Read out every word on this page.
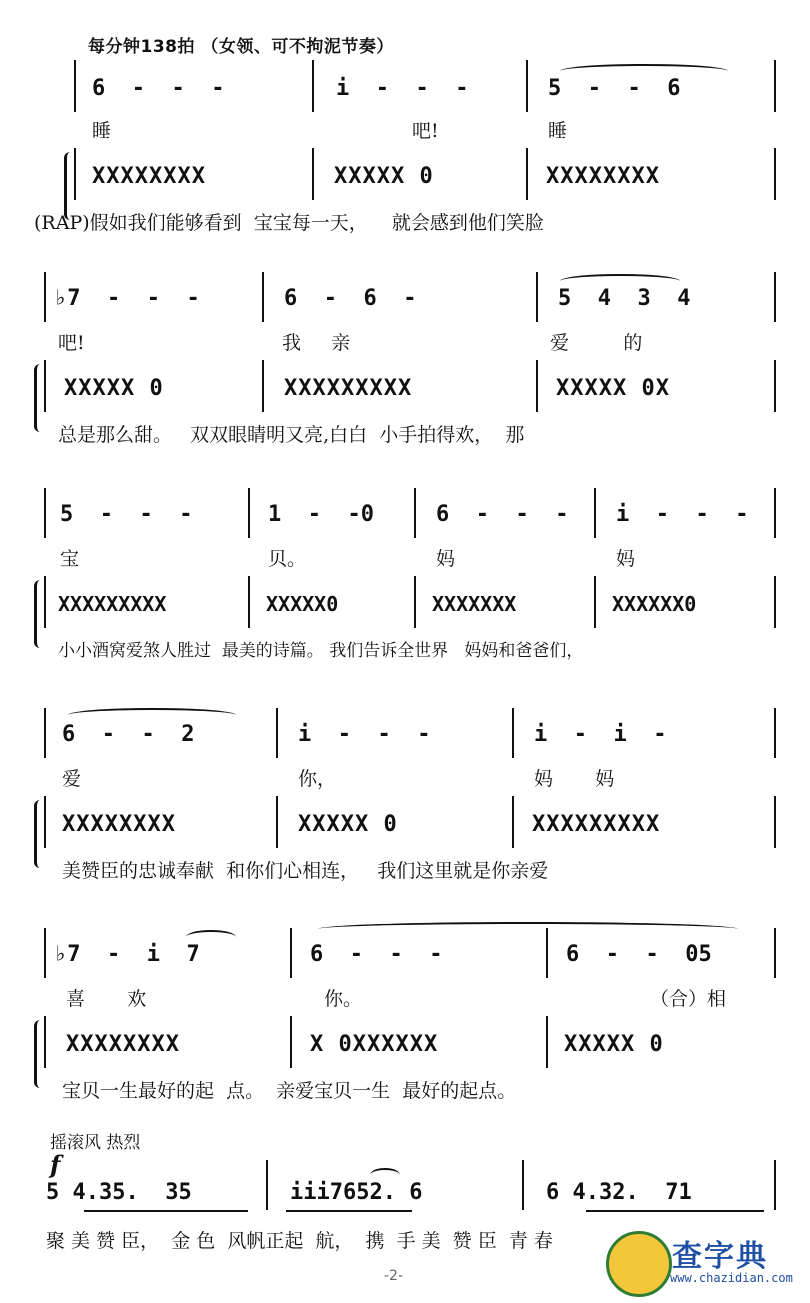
每分钟138拍 （女领、可不拘泥节奏）
6  -  -  -	i  -  -  -	5  -  -  6
睡	吧!	睡
XXXXXXXX	XXXXX 0	XXXXXXXX
(RAP)假如我们能够看到  宝宝每一天，    就会感到他们笑脸
♭7  -  -  -	6  -  6  -	5  4  3  4
吧!	我     亲	爱         的
XXXXX 0	XXXXXXXXX	XXXXX 0X
总是那么甜。   双双眼睛明又亮,白白  小手拍得欢，  那
5  -  -  -	1  -  -0	6  -  -  - i  -  -  -
宝	贝。	妈	妈
XXXXXXXXX	XXXXX0	XXXXXXX	XXXXXX0
小小酒窝爱煞人胜过  最美的诗篇。 我们告诉全世界   妈妈和爸爸们，
6  -  -  2	i  -  -  -	i  -  i  -
爱	你，	妈       妈
XXXXXXXX	XXXXX 0	XXXXXXXXX
美赞臣的忠诚奉献  和你们心相连，   我们这里就是你亲爱
♭7  -  i  7	6  -  -  -	6  -  -  05
喜       欢	你。	（合）相
XXXXXXXX	X 0XXXXXX	XXXXX 0
宝贝一生最好的起  点。  亲爱宝贝一生  最好的起点。
摇滚风 热烈
f
5 4.35.  35	iii7652. 6	6 4.32.  71
聚 美 赞 臣，  金 色  风帆正起  航，  携  手 美  赞 臣  青 春
-2-
查字典
www.chazidian.com
